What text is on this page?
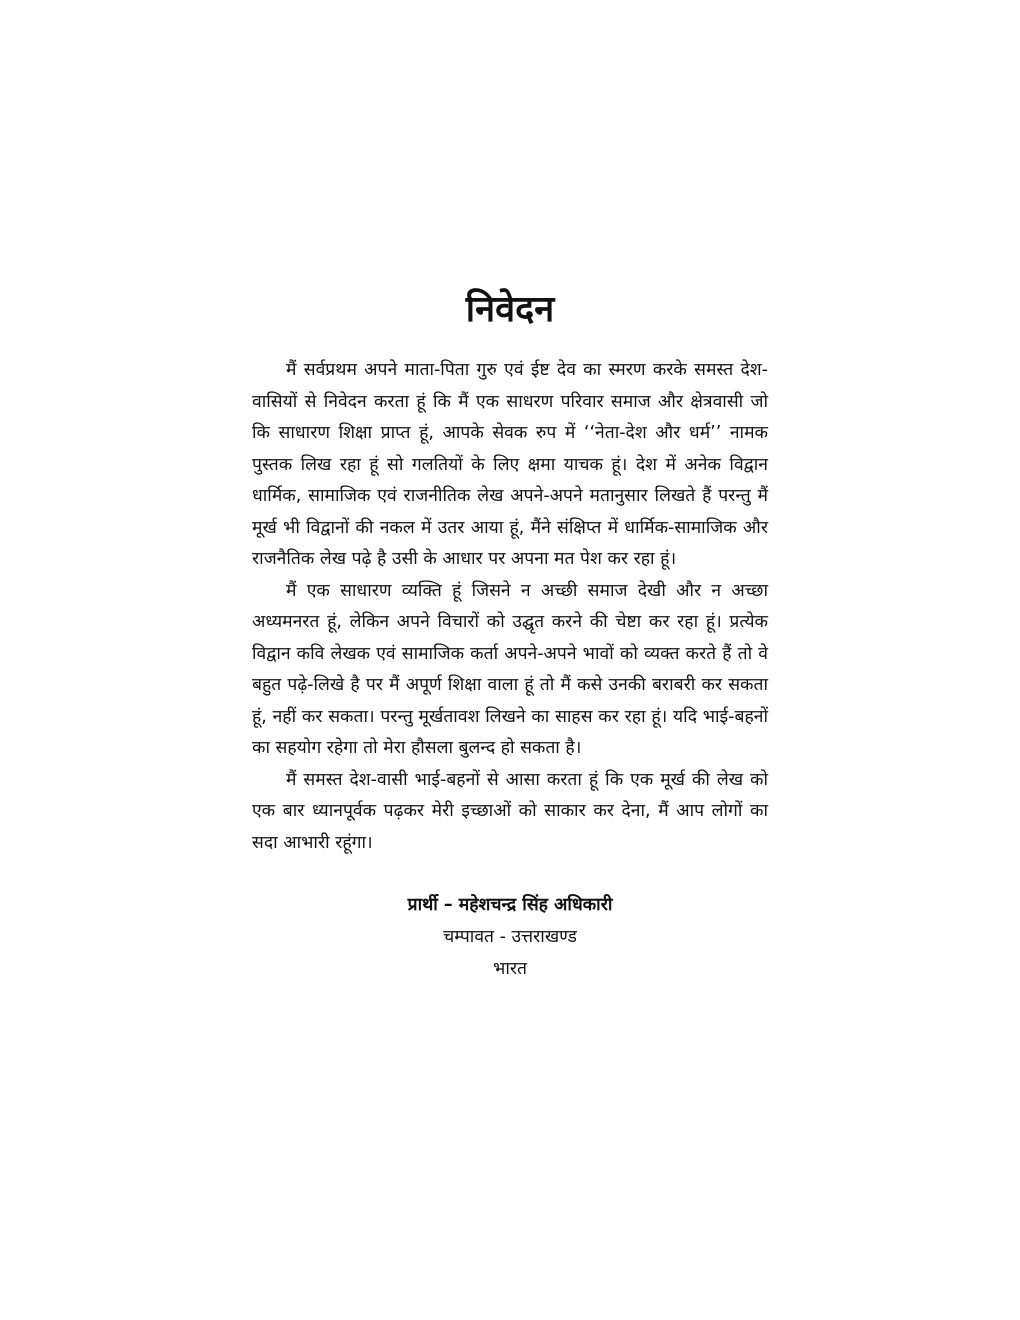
निवेदन

मैं सर्वप्रथम अपने माता-पिता गुरु एवं ईष्ट देव का स्मरण करके समस्त देश-वासियों से निवेदन करता हूं कि मैं एक साधरण परिवार समाज और क्षेत्रवासी जो कि साधारण शिक्षा प्राप्त हूं, आपके सेवक रुप में ‘‘नेता-देश और धर्म’’ नामक पुस्तक लिख रहा हूं सो गलतियों के लिए क्षमा याचक हूं। देश में अनेक विद्वान धार्मिक, सामाजिक एवं राजनीतिक लेख अपने-अपने मतानुसार लिखते हैं परन्तु मैं मूर्ख भी विद्वानों की नकल में उतर आया हूं, मैंने संक्षिप्त में धार्मिक-सामाजिक और राजनैतिक लेख पढ़े है उसी के आधार पर अपना मत पेश कर रहा हूं।

मैं एक साधारण व्यक्ति हूं जिसने न अच्छी समाज देखी और न अच्छा अध्यमनरत हूं, लेकिन अपने विचारों को उद्घृत करने की चेष्टा कर रहा हूं। प्रत्येक विद्वान कवि लेखक एवं सामाजिक कर्ता अपने-अपने भावों को व्यक्त करते हैं तो वे बहुत पढ़े-लिखे है पर मैं अपूर्ण शिक्षा वाला हूं तो मैं कसे उनकी बराबरी कर सकता हूं, नहीं कर सकता। परन्तु मूर्खतावश लिखने का साहस कर रहा हूं। यदि भाई-बहनों का सहयोग रहेगा तो मेरा हौसला बुलन्द हो सकता है।

मैं समस्त देश-वासी भाई-बहनों से आसा करता हूं कि एक मूर्ख की लेख को एक बार ध्यानपूर्वक पढ़कर मेरी इच्छाओं को साकार कर देना, मैं आप लोगों का सदा आभारी रहूंगा।

प्रार्थी – महेशचन्द्र सिंह अधिकारी
चम्पावत - उत्तराखण्ड
भारत
